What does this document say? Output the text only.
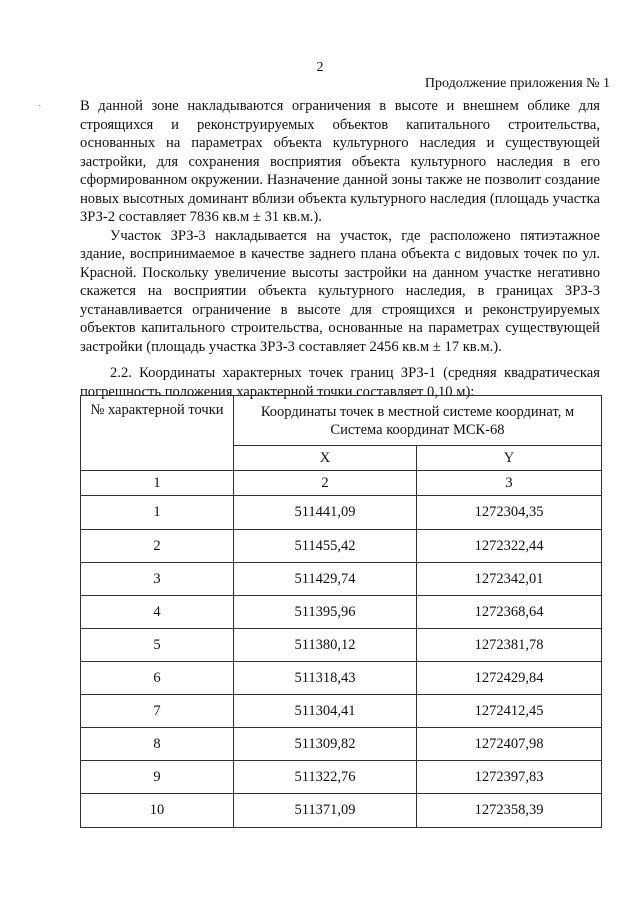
2
Продолжение приложения № 1
ˏ	В данной зоне накладываются ограничения в высоте и внешнем облике для строящихся и реконструируемых объектов капитального строительства, основанных на параметрах объекта культурного наследия и существующей застройки, для сохранения восприятия объекта культурного наследия в его сформированном окружении. Назначение данной зоны также не позволит создание новых высотных доминант вблизи объекта культурного наследия (площадь участка ЗРЗ-2 составляет 7836 кв.м ± 31 кв.м.).

Участок ЗРЗ-3 накладывается на участок, где расположено пятиэтажное здание, воспринимаемое в качестве заднего плана объекта с видовых точек по ул. Красной. Поскольку увеличение высоты застройки на данном участке негативно скажется на восприятии объекта культурного наследия, в границах ЗРЗ-3 устанавливается ограничение в высоте для строящихся и реконструируемых объектов капитального строительства, основанные на параметрах существующей застройки (площадь участка ЗРЗ-3 составляет 2456 кв.м ± 17 кв.м.).

2.2. Координаты характерных точек границ ЗРЗ-1 (средняя квадратическая погрешность положения характерной точки составляет 0,10 м):

№ характерной точки	Координаты точек в местной системе координат, м
Система координат МСК-68	

	X	Y
1	2	3
1	511441,09	1272304,35
2	511455,42	1272322,44
3	511429,74	1272342,01
4	511395,96	1272368,64
5	511380,12	1272381,78
6	511318,43	1272429,84
7	511304,41	1272412,45
8	511309,82	1272407,98
9	511322,76	1272397,83
10	511371,09	1272358,39
